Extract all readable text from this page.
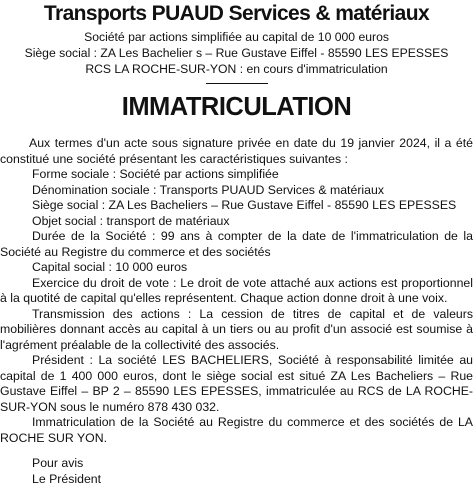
Transports PUAUD Services & matériaux
Société par actions simplifiée au capital de 10 000 euros
Siège social : ZA Les Bachelier s – Rue Gustave Eiffel - 85590 LES EPESSES
RCS LA ROCHE-SUR-YON : en cours d'immatriculation
IMMATRICULATION

Aux termes d'un acte sous signature privée en date du 19 janvier 2024, il a été constitué une société présentant les caractéristiques suivantes :

Forme sociale : Société par actions simplifiée

Dénomination sociale : Transports PUAUD Services & matériaux

Siège social : ZA Les Bacheliers – Rue Gustave Eiffel - 85590 LES EPESSES

Objet social : transport de matériaux

Durée de la Société : 99 ans à compter de la date de l'immatriculation de la Société au Registre du commerce et des sociétés

Capital social : 10 000 euros

Exercice du droit de vote : Le droit de vote attaché aux actions est proportionnel à la quotité de capital qu'elles représentent. Chaque action donne droit à une voix.

Transmission des actions : La cession de titres de capital et de valeurs mobilières donnant accès au capital à un tiers ou au profit d'un associé est soumise à l'agrément préalable de la collectivité des associés.

Président : La société LES BACHELIERS, Société à responsabilité limitée au capital de 1 400 000 euros, dont le siège social est situé ZA Les Bacheliers – Rue Gustave Eiffel – BP 2 – 85590 LES EPESSES, immatriculée au RCS de LA ROCHE-SUR-YON sous le numéro 878 430 032.

Immatriculation de la Société au Registre du commerce et des sociétés de LA ROCHE SUR YON.

Pour avis

Le Président
